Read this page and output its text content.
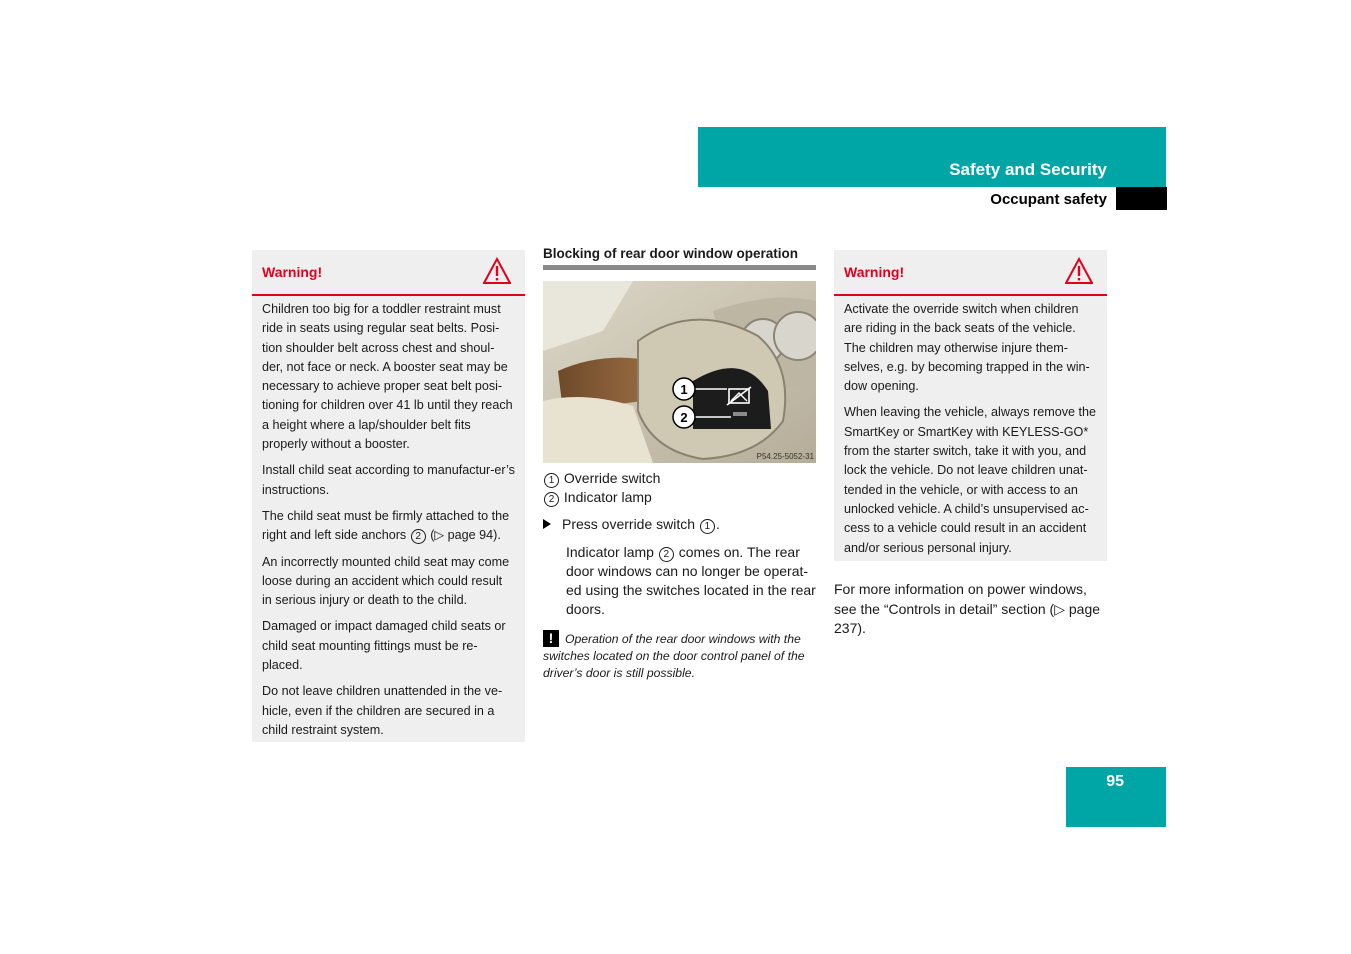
Safety and Security
Occupant safety
Warning!

Children too big for a toddler restraint must ride in seats using regular seat belts. Posi-tion shoulder belt across chest and shoul-der, not face or neck. A booster seat may be necessary to achieve proper seat belt posi-tioning for children over 41 lb until they reach a height where a lap/shoulder belt fits properly without a booster.

Install child seat according to manufactur-er’s instructions.

The child seat must be firmly attached to the right and left side anchors 2 (▷ page 94).

An incorrectly mounted child seat may come loose during an accident which could result in serious injury or death to the child.

Damaged or impact damaged child seats or child seat mounting fittings must be re-placed.

Do not leave children unattended in the ve-hicle, even if the children are secured in a child restraint system.

Blocking of rear door window operation
1
2
P54.25-5052-31
1 Override switch
2 Indicator lamp
Press override switch 1 .
Indicator lamp 2 comes on. The rear door windows can no longer be operat-ed using the switches located in the rear doors.
! Operation of the rear door windows with the switches located on the door control panel of the driver’s door is still possible.
Warning!

Activate the override switch when children are riding in the back seats of the vehicle. The children may otherwise injure them-selves, e.g. by becoming trapped in the win-dow opening.

When leaving the vehicle, always remove the SmartKey or SmartKey with KEYLESS-GO* from the starter switch, take it with you, and lock the vehicle. Do not leave children unat-tended in the vehicle, or with access to an unlocked vehicle. A child’s unsupervised ac-cess to a vehicle could result in an accident and/or serious personal injury.

For more information on power windows, see the “Controls in detail” section (▷ page 237).
95
